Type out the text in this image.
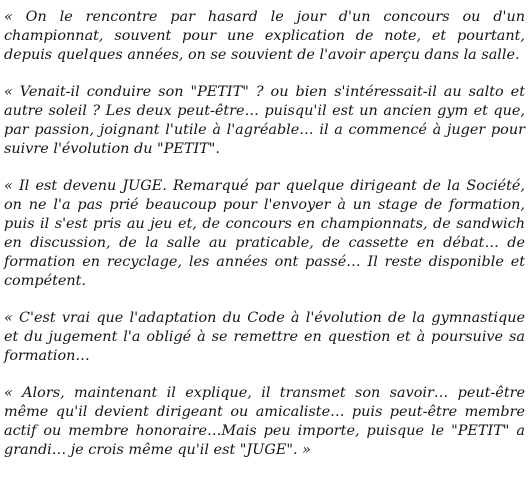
« On le rencontre par hasard le jour d'un concours ou d'un championnat, souvent pour une explication de note, et pourtant, depuis quelques années, on se souvient de l'avoir aperçu dans la salle.

« Venait-il conduire son "PETIT" ? ou bien s'intéressait-il au salto et autre soleil ? Les deux peut-être… puisqu'il est un ancien gym et que, par passion, joignant l'utile à l'agréable… il a commencé à juger pour suivre l'évolution du "PETIT".

« Il est devenu JUGE. Remarqué par quelque dirigeant de la Société, on ne l'a pas prié beaucoup pour l'envoyer à un stage de formation, puis il s'est pris au jeu et, de concours en championnats, de sandwich en discussion, de la salle au praticable, de cassette en débat… de formation en recyclage, les années ont passé… Il reste disponible et compétent.

« C'est vrai que l'adaptation du Code à l'évolution de la gymnastique et du jugement l'a obligé à se remettre en question et à poursuive sa formation…

« Alors, maintenant il explique, il transmet son savoir… peut-être même qu'il devient dirigeant ou amicaliste… puis peut-être membre actif ou membre honoraire…Mais peu importe, puisque le "PETIT" a grandi… je crois même qu'il est "JUGE". »
